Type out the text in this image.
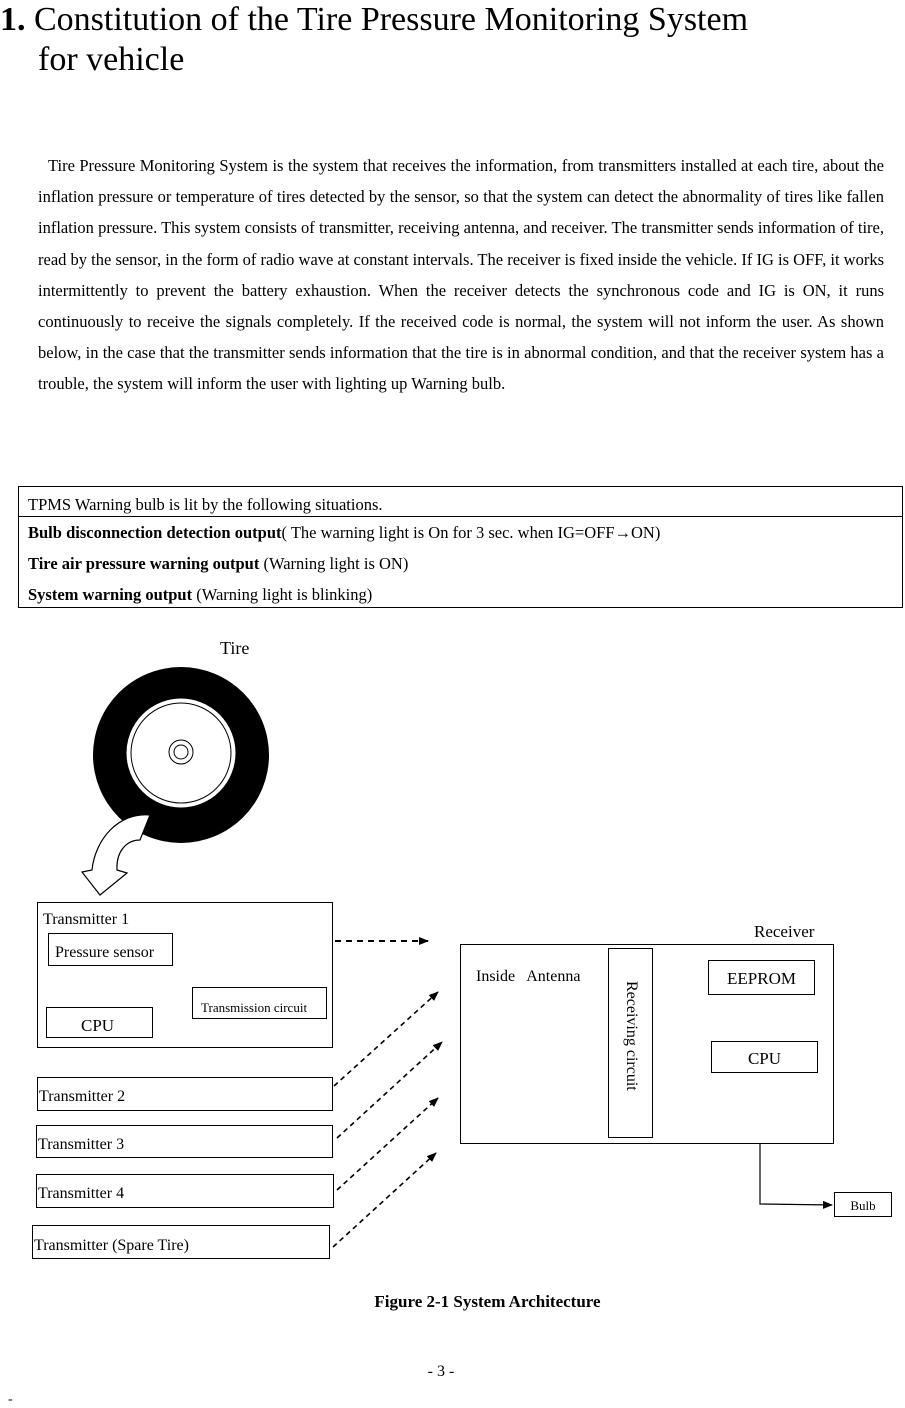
1. Constitution of the Tire Pressure Monitoring System
for vehicle
Tire Pressure Monitoring System is the system that receives the information, from transmitters installed at each tire, about the inflation pressure or temperature of tires detected by the sensor, so that the system can detect the abnormality of tires like fallen inflation pressure. This system consists of transmitter, receiving antenna, and receiver. The transmitter sends information of tire, read by the sensor, in the form of radio wave at constant intervals. The receiver is fixed inside the vehicle. If IG is OFF, it works intermittently to prevent the battery exhaustion. When the receiver detects the synchronous code and IG is ON, it runs continuously to receive the signals completely. If the received code is normal, the system will not inform the user. As shown below, in the case that the transmitter sends information that the tire is in abnormal condition, and that the receiver system has a trouble, the system will inform the user with lighting up Warning bulb.
TPMS Warning bulb is lit by the following situations.
Bulb disconnection detection output( The warning light is On for 3 sec. when IG=OFF→ON)
Tire air pressure warning output (Warning light is ON)
System warning output (Warning light is blinking)
Tire
Transmitter 1
Pressure sensor
CPU
Transmission circuit
Transmitter 2
Transmitter 3
Transmitter 4
Transmitter (Spare Tire)
Receiver
Inside   Antenna
Receiving circuit
EEPROM
CPU
Bulb
Figure 2-1 System Architecture
- 3 -
-
